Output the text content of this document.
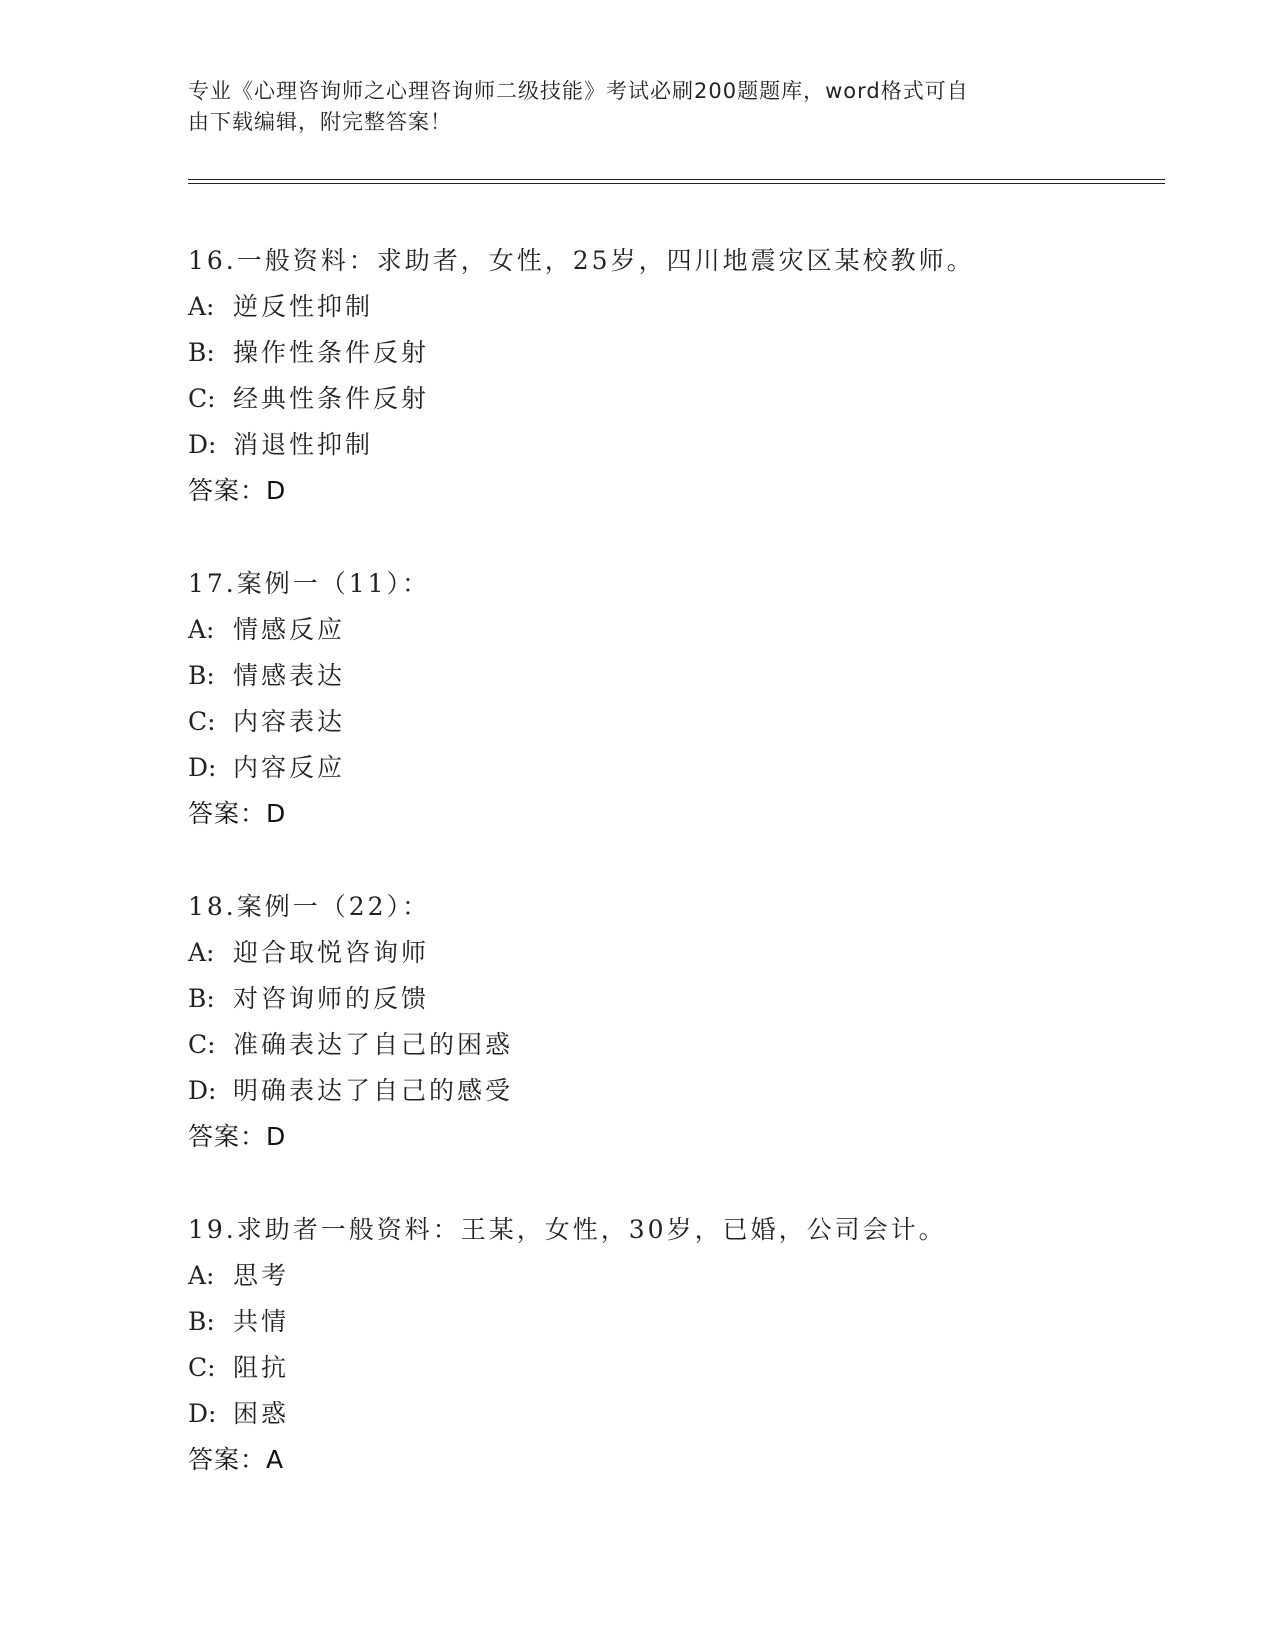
专业《心理咨询师之心理咨询师二级技能》考试必刷200题题库，word格式可自
由下载编辑，附完整答案！
16.一般资料：求助者，女性，25岁，四川地震灾区某校教师。
A: 逆反性抑制
B: 操作性条件反射
C: 经典性条件反射
D: 消退性抑制
答案：D
17.案例一（11）：
A: 情感反应
B: 情感表达
C: 内容表达
D: 内容反应
答案：D
18.案例一（22）：
A: 迎合取悦咨询师
B: 对咨询师的反馈
C: 准确表达了自己的困惑
D: 明确表达了自己的感受
答案：D
19.求助者一般资料：王某，女性，30岁，已婚，公司会计。
A: 思考
B: 共情
C: 阻抗
D: 困惑
答案：A
